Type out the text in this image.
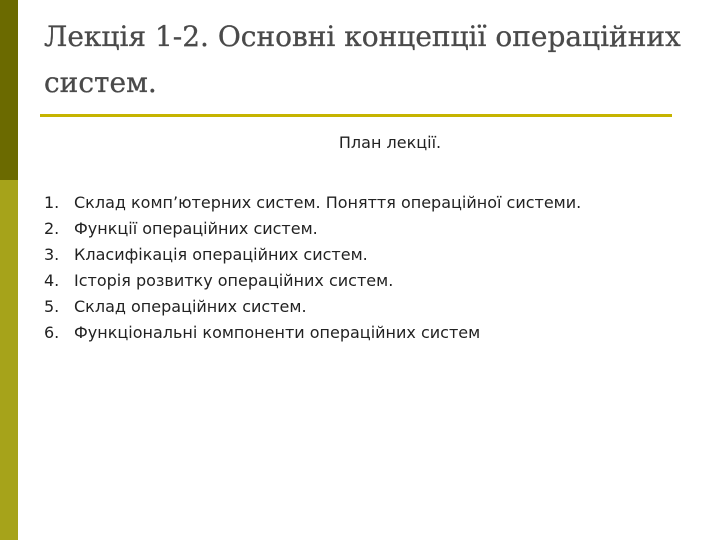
Лекція 1-2. Основні концепції операційних систем.

План лекції.

1. Склад комп’ютерних систем. Поняття операційної системи.
2. Функції операційних систем.
3. Класифікація операційних систем.
4. Історія розвитку операційних систем.
5. Склад операційних систем.
6. Функціональні компоненти операційних систем
